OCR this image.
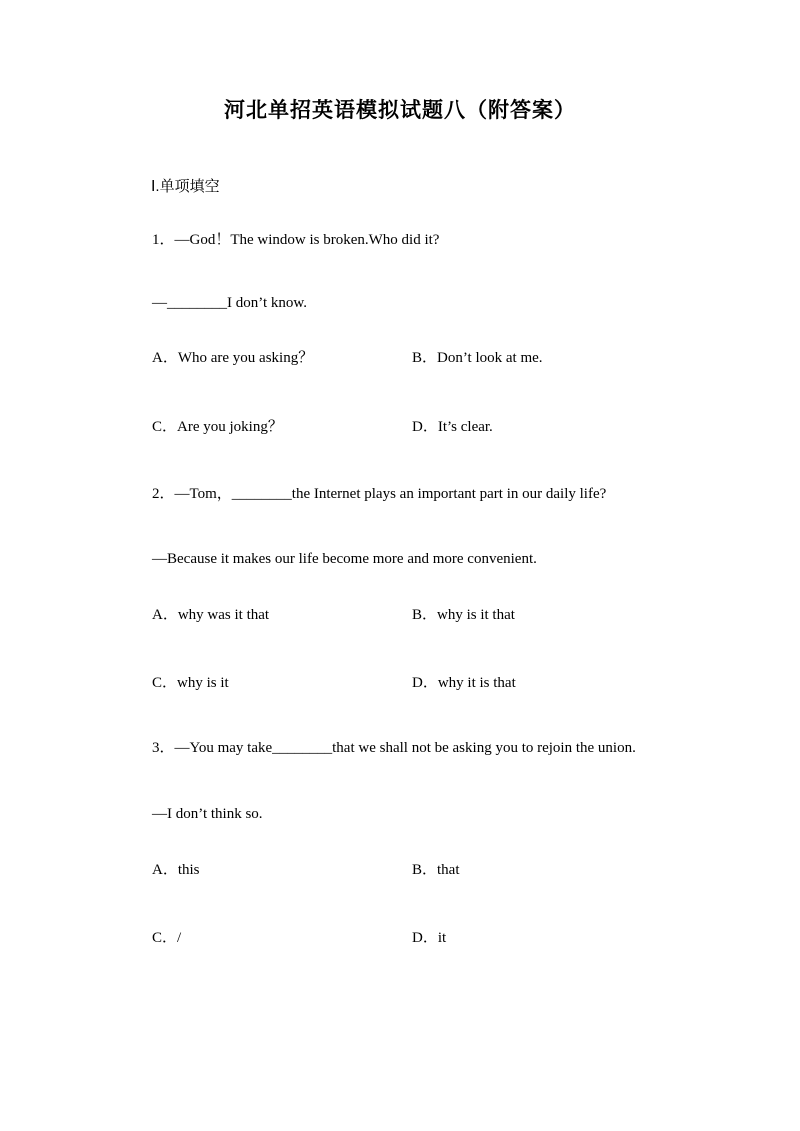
河北单招英语模拟试题八（附答案）
Ⅰ.单项填空
1．—God！The window is broken.Who did it?
—________I don’t know.
A．Who are you asking？	B．Don’t look at me.
C．Are you joking？	D．It’s clear.
2．—Tom，________the Internet plays an important part in our daily life?
—Because it makes our life become more and more convenient.
A．why was it that	B．why is it that
C．why is it	D．why it is that
3．—You may take________that we shall not be asking you to rejoin the union.
—I don’t think so.
A．this	B．that
C．/	D．it
